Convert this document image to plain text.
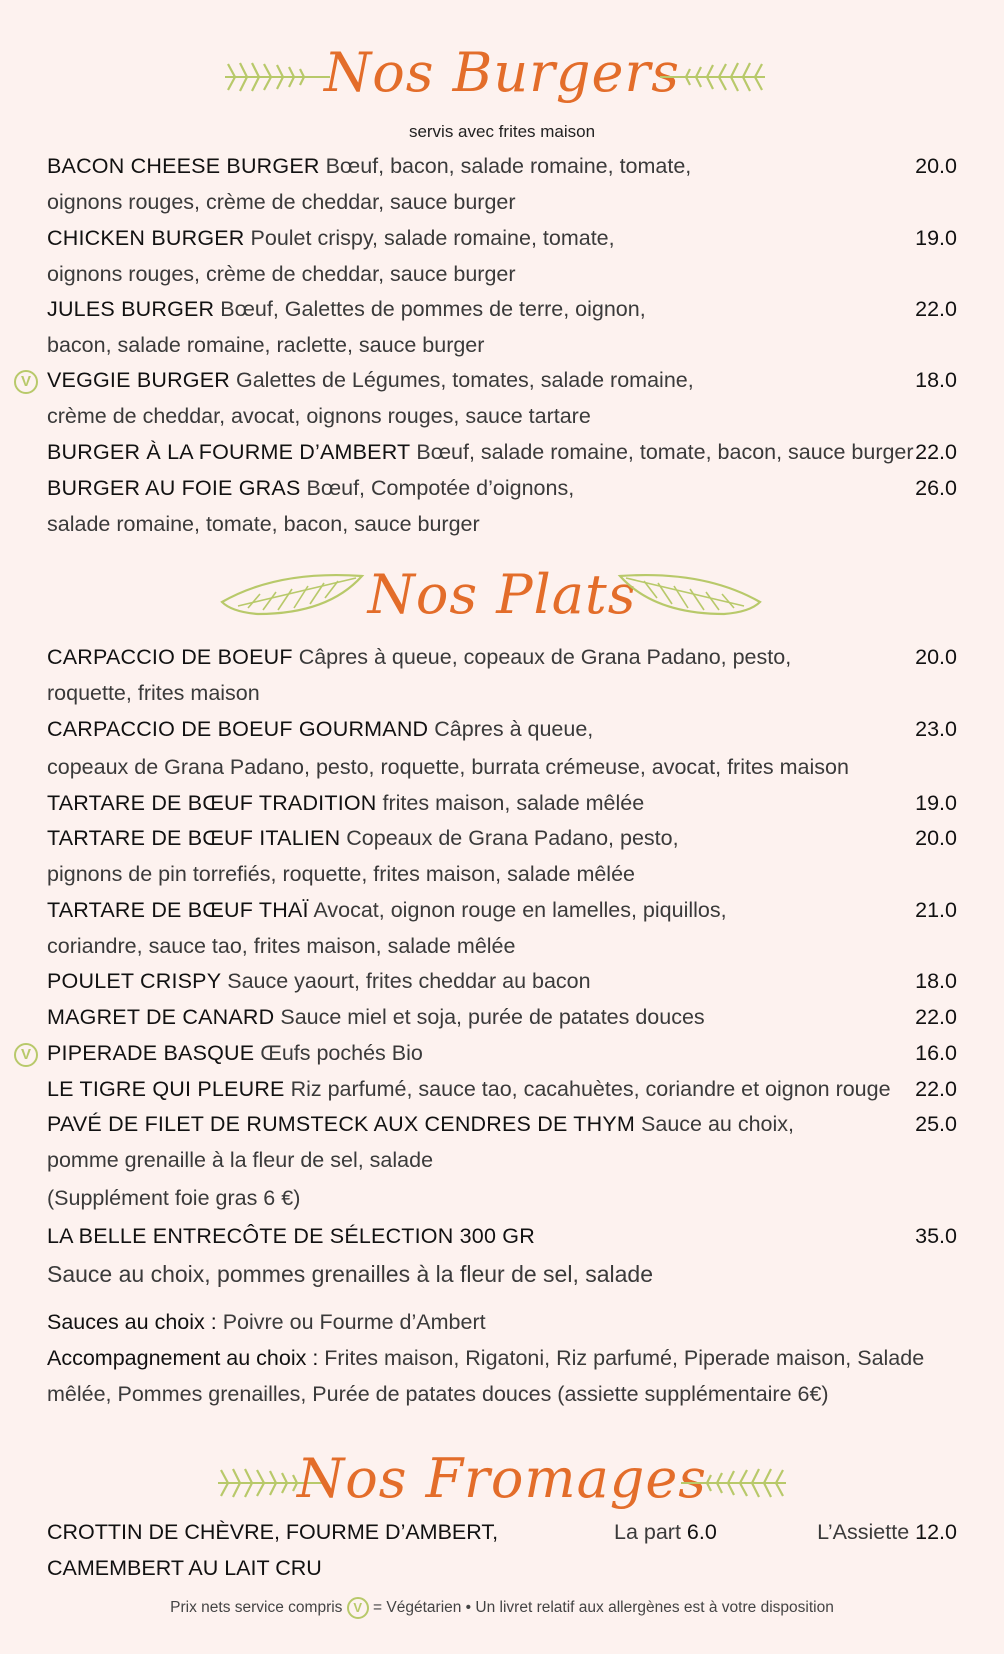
Nos Burgers
servis avec frites maison
BACON CHEESE BURGER Bœuf, bacon, salade romaine, tomate,	20.0
oignons rouges, crème de cheddar, sauce burger
CHICKEN BURGER Poulet crispy, salade romaine, tomate,	19.0
oignons rouges, crème de cheddar, sauce burger
JULES BURGER Bœuf, Galettes de pommes de terre, oignon,	22.0
bacon, salade romaine, raclette, sauce burger
V VEGGIE BURGER Galettes de Légumes, tomates, salade romaine,	18.0
crème de cheddar, avocat, oignons rouges, sauce tartare
BURGER À LA FOURME D’AMBERT Bœuf, salade romaine, tomate, bacon, sauce burger 22.0
BURGER AU FOIE GRAS Bœuf, Compotée d’oignons,	26.0
salade romaine, tomate, bacon, sauce burger
Nos Plats
CARPACCIO DE BOEUF Câpres à queue, copeaux de Grana Padano, pesto,	20.0
roquette, frites maison
CARPACCIO DE BOEUF GOURMAND Câpres à queue,	23.0
copeaux de Grana Padano, pesto, roquette, burrata crémeuse, avocat, frites maison
TARTARE DE BŒUF TRADITION frites maison, salade mêlée	19.0
TARTARE DE BŒUF ITALIEN Copeaux de Grana Padano, pesto,	20.0
pignons de pin torrefiés, roquette, frites maison, salade mêlée
TARTARE DE BŒUF THAÏ Avocat, oignon rouge en lamelles, piquillos,	21.0
coriandre, sauce tao, frites maison, salade mêlée
POULET CRISPY Sauce yaourt, frites cheddar au bacon	18.0
MAGRET DE CANARD Sauce miel et soja, purée de patates douces	22.0
V PIPERADE BASQUE Œufs pochés Bio	16.0
LE TIGRE QUI PLEURE Riz parfumé, sauce tao, cacahuètes, coriandre et oignon rouge 22.0
PAVÉ DE FILET DE RUMSTECK AUX CENDRES DE THYM Sauce au choix,	25.0
pomme grenaille à la fleur de sel, salade
(Supplément foie gras 6 €)
LA BELLE ENTRECÔTE DE SÉLECTION 300 GR	35.0
Sauce au choix, pommes grenailles à la fleur de sel, salade
Sauces au choix : Poivre ou Fourme d’Ambert
Accompagnement au choix : Frites maison, Rigatoni, Riz parfumé, Piperade maison, Salade
mêlée, Pommes grenailles, Purée de patates douces (assiette supplémentaire 6€)
Nos Fromages
CROTTIN DE CHÈVRE, FOURME D’AMBERT,
CAMEMBERT AU LAIT CRU
La part 6.0	L’Assiette 12.0
Prix nets service compris V = Végétarien • Un livret relatif aux allergènes est à votre disposition
